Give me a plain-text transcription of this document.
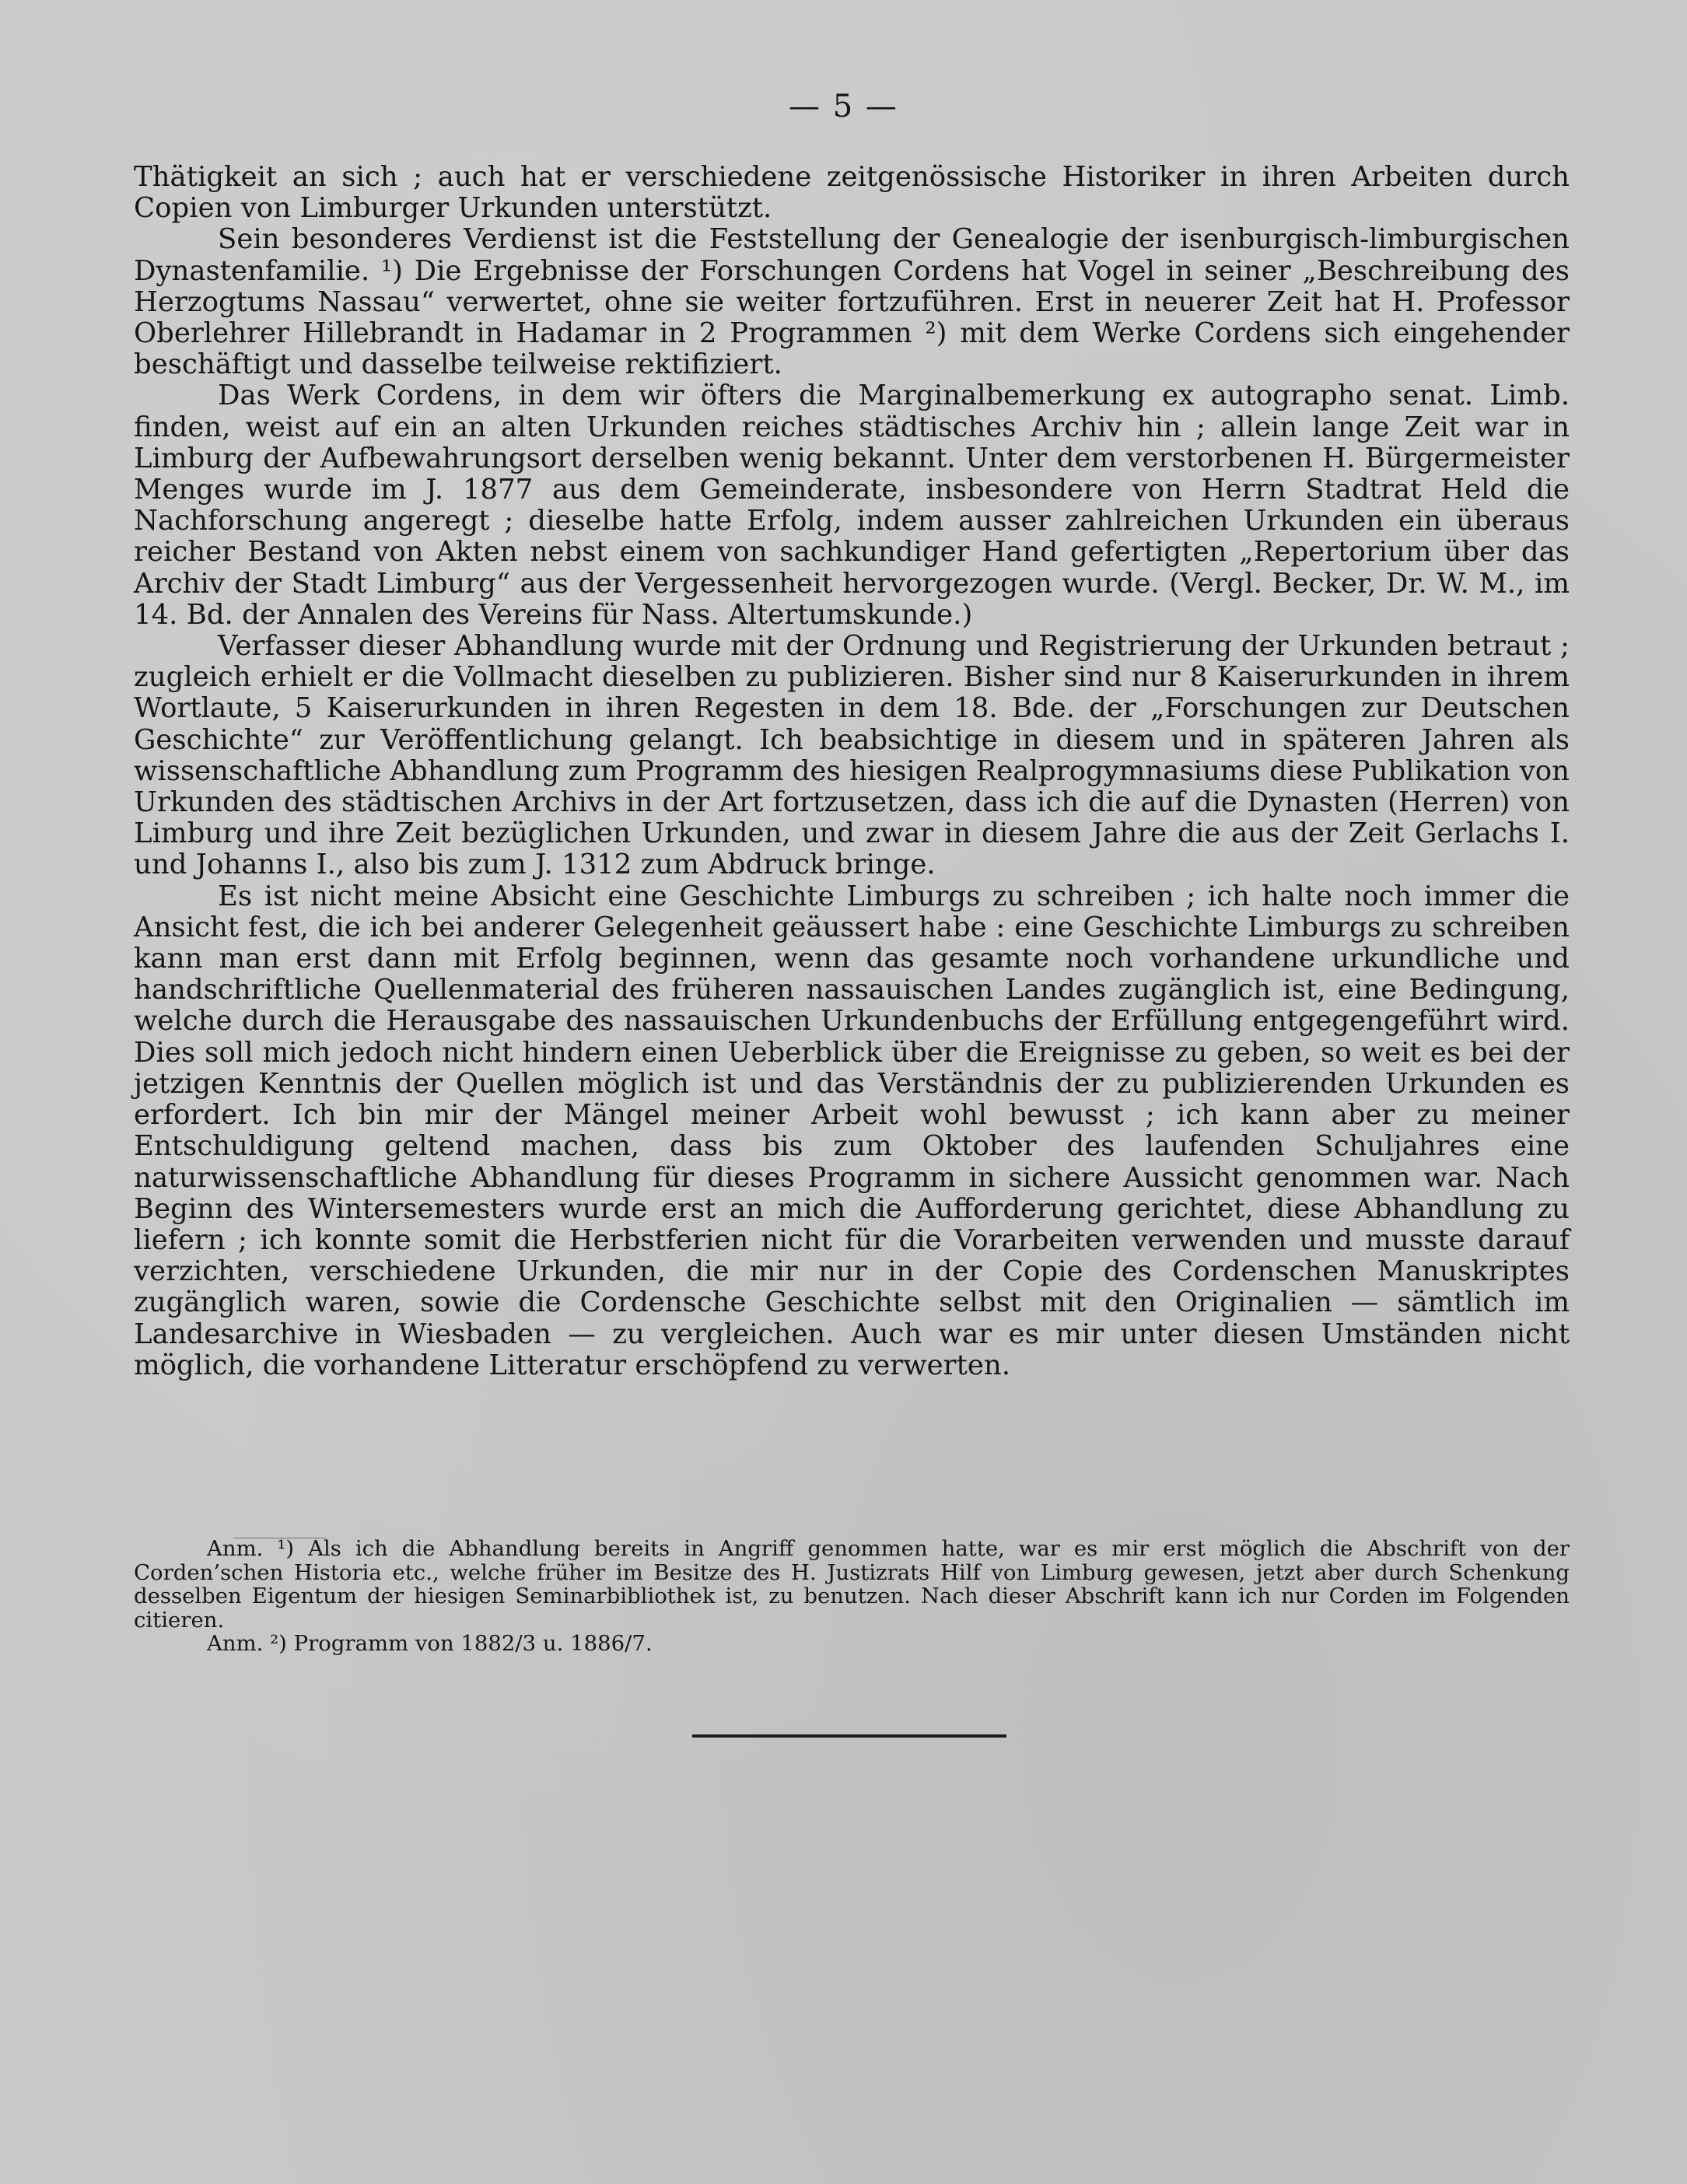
— 5 —

Thätigkeit an sich ; auch hat er verschiedene zeitgenössische Historiker in ihren Arbeiten durch Copien von Limburger Urkunden unterstützt.

Sein besonderes Verdienst ist die Feststellung der Genealogie der isenburgisch-limburgischen Dynastenfamilie. ¹) Die Ergebnisse der Forschungen Cordens hat Vogel in seiner „Beschreibung des Herzogtums Nassau“ verwertet, ohne sie weiter fortzuführen. Erst in neuerer Zeit hat H. Professor Oberlehrer Hillebrandt in Hadamar in 2 Programmen ²) mit dem Werke Cordens sich eingehender beschäftigt und dasselbe teilweise rektifiziert.

Das Werk Cordens, in dem wir öfters die Marginalbemerkung ex autographo senat. Limb. finden, weist auf ein an alten Urkunden reiches städtisches Archiv hin ; allein lange Zeit war in Limburg der Aufbewahrungsort derselben wenig bekannt. Unter dem verstorbenen H. Bürgermeister Menges wurde im J. 1877 aus dem Gemeinderate, insbesondere von Herrn Stadtrat Held die Nachforschung angeregt ; dieselbe hatte Erfolg, indem ausser zahlreichen Urkunden ein überaus reicher Bestand von Akten nebst einem von sachkundiger Hand gefertigten „Repertorium über das Archiv der Stadt Limburg“ aus der Vergessenheit hervorgezogen wurde. (Vergl. Becker, Dr. W. M., im 14. Bd. der Annalen des Vereins für Nass. Altertumskunde.)

Verfasser dieser Abhandlung wurde mit der Ordnung und Registrierung der Urkunden betraut ; zugleich erhielt er die Vollmacht dieselben zu publizieren. Bisher sind nur 8 Kaiserurkunden in ihrem Wortlaute, 5 Kaiserurkunden in ihren Regesten in dem 18. Bde. der „Forschungen zur Deutschen Geschichte“ zur Veröffentlichung gelangt. Ich beabsichtige in diesem und in späteren Jahren als wissenschaftliche Abhandlung zum Programm des hiesigen Realprogymnasiums diese Publikation von Urkunden des städtischen Archivs in der Art fortzusetzen, dass ich die auf die Dynasten (Herren) von Limburg und ihre Zeit bezüglichen Urkunden, und zwar in diesem Jahre die aus der Zeit Gerlachs I. und Johanns I., also bis zum J. 1312 zum Abdruck bringe.

Es ist nicht meine Absicht eine Geschichte Limburgs zu schreiben ; ich halte noch immer die Ansicht fest, die ich bei anderer Gelegenheit geäussert habe : eine Geschichte Limburgs zu schreiben kann man erst dann mit Erfolg beginnen, wenn das gesamte noch vorhandene urkundliche und handschriftliche Quellenmaterial des früheren nassauischen Landes zugänglich ist, eine Bedingung, welche durch die Herausgabe des nassauischen Urkundenbuchs der Erfüllung entgegengeführt wird. Dies soll mich jedoch nicht hindern einen Ueberblick über die Ereignisse zu geben, so weit es bei der jetzigen Kenntnis der Quellen möglich ist und das Verständnis der zu publizierenden Urkunden es erfordert. Ich bin mir der Mängel meiner Arbeit wohl bewusst ; ich kann aber zu meiner Entschuldigung geltend machen, dass bis zum Oktober des laufenden Schuljahres eine naturwissenschaftliche Abhandlung für dieses Programm in sichere Aussicht genommen war. Nach Beginn des Wintersemesters wurde erst an mich die Aufforderung gerichtet, diese Abhandlung zu liefern ; ich konnte somit die Herbstferien nicht für die Vorarbeiten verwenden und musste darauf verzichten, verschiedene Urkunden, die mir nur in der Copie des Cordenschen Manuskriptes zugänglich waren, sowie die Cordensche Geschichte selbst mit den Originalien — sämtlich im Landesarchive in Wiesbaden — zu vergleichen. Auch war es mir unter diesen Umständen nicht möglich, die vorhandene Litteratur erschöpfend zu verwerten.

Anm. ¹) Als ich die Abhandlung bereits in Angriff genommen hatte, war es mir erst möglich die Abschrift von der Corden’schen Historia etc., welche früher im Besitze des H. Justizrats Hilf von Limburg gewesen, jetzt aber durch Schenkung desselben Eigentum der hiesigen Seminarbibliothek ist, zu benutzen. Nach dieser Abschrift kann ich nur Corden im Folgenden citieren.

Anm. ²) Programm von 1882/3 u. 1886/7.
